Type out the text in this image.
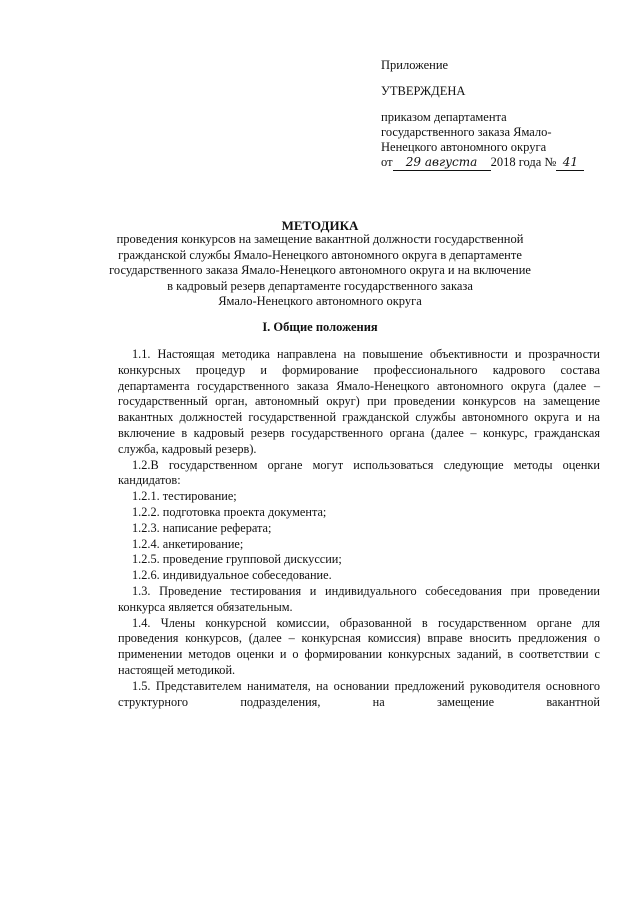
Приложение
УТВЕРЖДЕНА
приказом департамента
государственного заказа Ямало-
Ненецкого автономного округа
от 29 августа 2018 года № 41
МЕТОДИКА
проведения конкурсов на замещение вакантной должности государственной
гражданской службы Ямало-Ненецкого автономного округа в департаменте
государственного заказа Ямало-Ненецкого автономного округа и на включение
в кадровый резерв департаменте государственного заказа
Ямало-Ненецкого автономного округа
I. Общие положения
1.1. Настоящая методика направлена на повышение объективности и прозрачности конкурсных процедур и формирование профессионального кадрового состава департамента государственного заказа Ямало-Ненецкого автономного округа (далее – государственный орган, автономный округ) при проведении конкурсов на замещение вакантных должностей государственной гражданской службы автономного округа и на включение в кадровый резерв государственного органа (далее – конкурс, гражданская служба, кадровый резерв).
1.2.В государственном органе могут использоваться следующие методы оценки кандидатов:
1.2.1. тестирование;
1.2.2. подготовка проекта документа;
1.2.3. написание реферата;
1.2.4. анкетирование;
1.2.5. проведение групповой дискуссии;
1.2.6. индивидуальное собеседование.
1.3. Проведение тестирования и индивидуального собеседования при проведении конкурса является обязательным.
1.4. Члены конкурсной комиссии, образованной в государственном органе для проведения конкурсов, (далее – конкурсная комиссия) вправе вносить предложения о применении методов оценки и о формировании конкурсных заданий, в соответствии с настоящей методикой.
1.5. Представителем нанимателя, на основании предложений руководителя основного структурного подразделения, на замещение вакантной
